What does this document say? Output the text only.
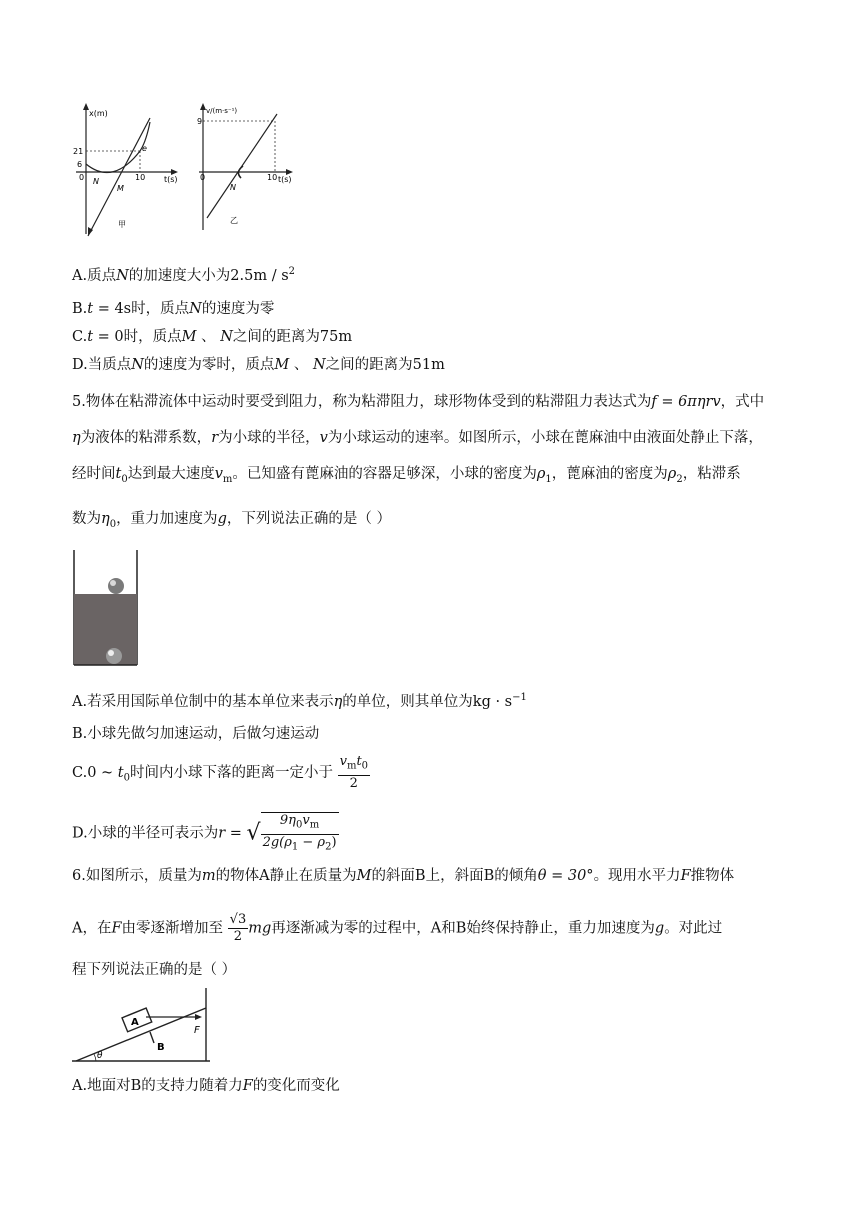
x(m)
t(s)
21
6
0	10
N
M
e
甲
v/(m·s⁻¹)
t(s)
9
0	10
N
乙
A.质点N的加速度大小为$2.5m / s^2$
B.t = 4s时，质点N的速度为零
C.t = 0时，质点M 、 N之间的距离为75m
D.当质点N的速度为零时，质点M 、 N之间的距离为51m
5.物体在粘滞流体中运动时要受到阻力，称为粘滞阻力，球形物体受到的粘滞阻力表达式为f = 6πηrv，式中
η为液体的粘滞系数，r为小球的半径，v为小球运动的速率。如图所示，小球在蓖麻油中由液面处静止下落，
经时间$t_0$达到最大速度$v_m$。已知盛有蓖麻油的容器足够深，小球的密度为$\rho_1$，蓖麻油的密度为$\rho_2$，粘滞系
数为$\eta_0$，重力加速度为g，下列说法正确的是（ ）
A.若采用国际单位制中的基本单位来表示η的单位，则其单位为kg · $s^{-1}$
B.小球先做匀加速运动，后做匀速运动
C.0 ~ $t_0$时间内小球下落的距离一定小于 $\frac{v_mt_0}{2}$
D.小球的半径可表示为r = √ $\frac{9\eta_0v_m}{2g(\rho_1 - \rho_2)}$
6.如图所示，质量为m的物体A静止在质量为M的斜面B上，斜面B的倾角θ = 30°。现用水平力F推物体
A，在F由零逐渐增加至 $\frac{√3}{2}$ mg再逐渐减为零的过程中，A和B始终保持静止，重力加速度为g。对此过
程下列说法正确的是（ ）
θ
A
F
B
A.地面对B的支持力随着力F的变化而变化
